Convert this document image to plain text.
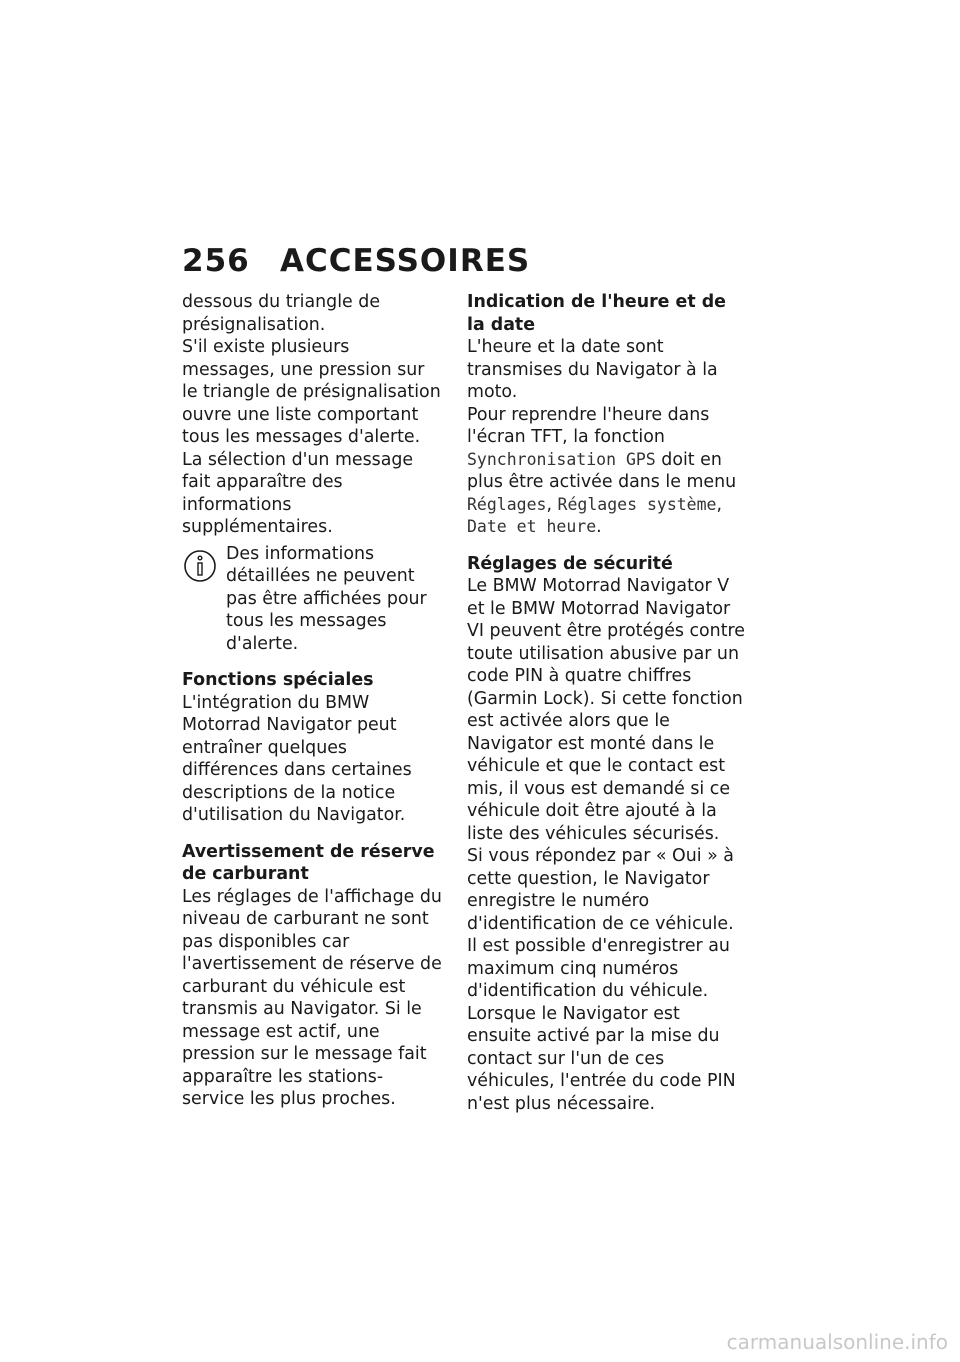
256 ACCESSOIRES

dessous du triangle de présignalisation.

S'il existe plusieurs messages, une pression sur le triangle de présignalisation ouvre une liste comportant tous les messages d'alerte.

La sélection d'un message fait apparaître des informations supplémentaires.

Des informations détaillées ne peuvent pas être affichées pour tous les messages d'alerte.

Fonctions spéciales

L'intégration du BMW Motorrad Navigator peut entraîner quelques différences dans certaines descriptions de la notice d'utilisation du Navigator.

Avertissement de réserve de carburant

Les réglages de l'affichage du niveau de carburant ne sont pas disponibles car l'avertissement de réserve de carburant du véhicule est transmis au Navigator. Si le message est actif, une pression sur le message fait apparaître les stations-service les plus proches.

Indication de l'heure et de la date

L'heure et la date sont transmises du Navigator à la moto.

Pour reprendre l'heure dans l'écran TFT, la fonction Synchronisation GPS doit en plus être activée dans le menu Réglages, Réglages système, Date et heure.

Réglages de sécurité

Le BMW Motorrad Navigator V et le BMW Motorrad Navigator VI peuvent être protégés contre toute utilisation abusive par un code PIN à quatre chiffres (Garmin Lock). Si cette fonction est activée alors que le Navigator est monté dans le véhicule et que le contact est mis, il vous est demandé si ce véhicule doit être ajouté à la liste des véhicules sécurisés.

Si vous répondez par « Oui » à cette question, le Navigator enregistre le numéro d'identification de ce véhicule.

Il est possible d'enregistrer au maximum cinq numéros d'identification du véhicule.

Lorsque le Navigator est ensuite activé par la mise du contact sur l'un de ces véhicules, l'entrée du code PIN n'est plus nécessaire.

carmanualsonline.info
